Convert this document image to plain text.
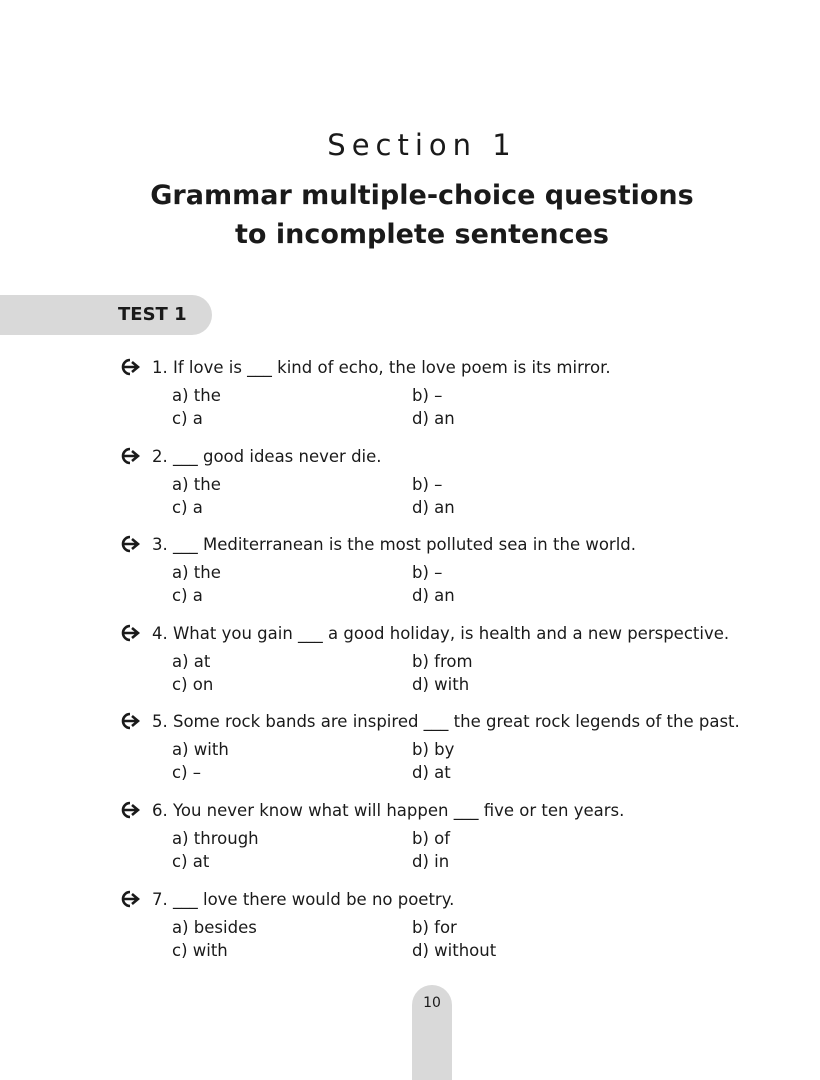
Section 1
Grammar multiple-choice questions
to incomplete sentences
TEST 1
1. If love is ___ kind of echo, the love poem is its mirror.
a) the	b) –
c) a	d) an
2. ___ good ideas never die.
a) the	b) –
c) a	d) an
3. ___ Mediterranean is the most polluted sea in the world.
a) the	b) –
c) a	d) an
4. What you gain ___ a good holiday, is health and a new perspective.
a) at	b) from
c) on	d) with
5. Some rock bands are inspired ___ the great rock legends of the past.
a) with	b) by
c) –	d) at
6. You never know what will happen ___ five or ten years.
a) through	b) of
c) at	d) in
7. ___ love there would be no poetry.
a) besides	b) for
c) with	d) without
10
